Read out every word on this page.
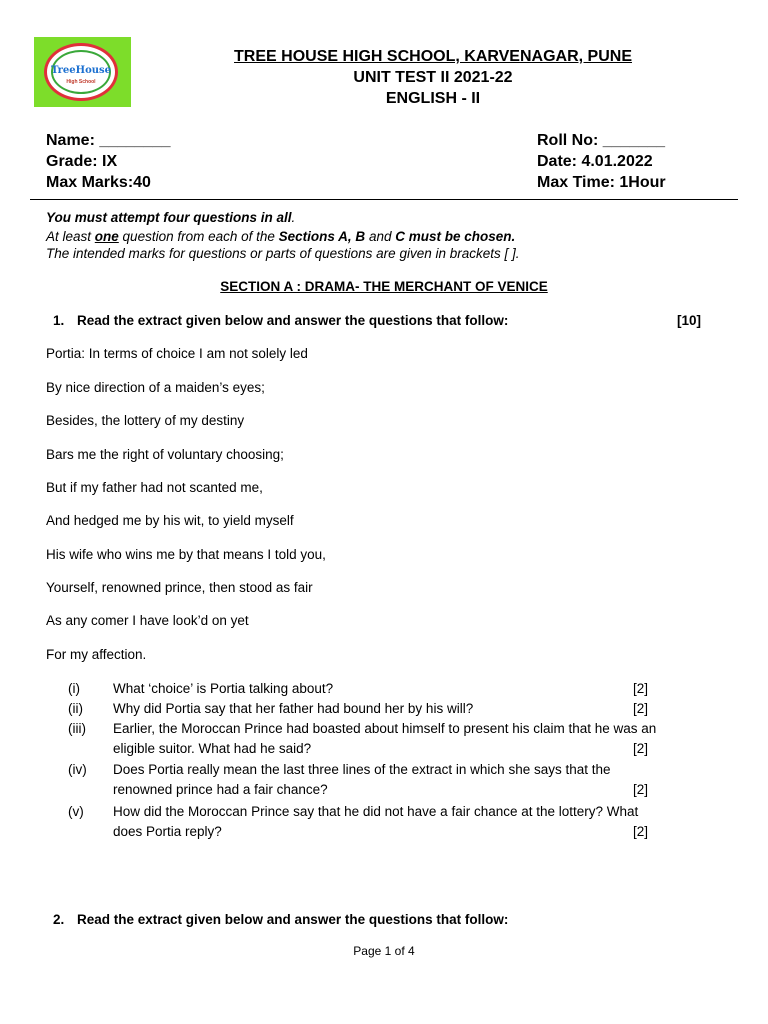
TreeHouse
High School
TREE HOUSE HIGH SCHOOL, KARVENAGAR, PUNE
UNIT TEST II 2021-22
ENGLISH - II
Name: ________
Grade: IX
Max Marks:40
Roll No: _______
Date: 4.01.2022
Max Time: 1Hour
You must attempt four questions in all.
At least one question from each of the Sections A, B and C must be chosen.
The intended marks for questions or parts of questions are given in brackets [ ].
SECTION A : DRAMA- THE MERCHANT OF VENICE
1. Read the extract given below and answer the questions that follow:	[10]
Portia: In terms of choice I am not solely led
By nice direction of a maiden’s eyes;
Besides, the lottery of my destiny
Bars me the right of voluntary choosing;
But if my father had not scanted me,
And hedged me by his wit, to yield myself
His wife who wins me by that means I told you,
Yourself, renowned prince, then stood as fair
As any comer I have look’d on yet
For my affection.
(i) What ‘choice’ is Portia talking about?	[2]
(ii) Why did Portia say that her father had bound her by his will?	[2]
(iii) Earlier, the Moroccan Prince had boasted about himself to present his claim that he was an
eligible suitor. What had he said?	[2]
(iv) Does Portia really mean the last three lines of the extract in which she says that the
renowned prince had a fair chance?	[2]
(v) How did the Moroccan Prince say that he did not have a fair chance at the lottery? What
does Portia reply?	[2]
2. Read the extract given below and answer the questions that follow:
Page 1 of 4
